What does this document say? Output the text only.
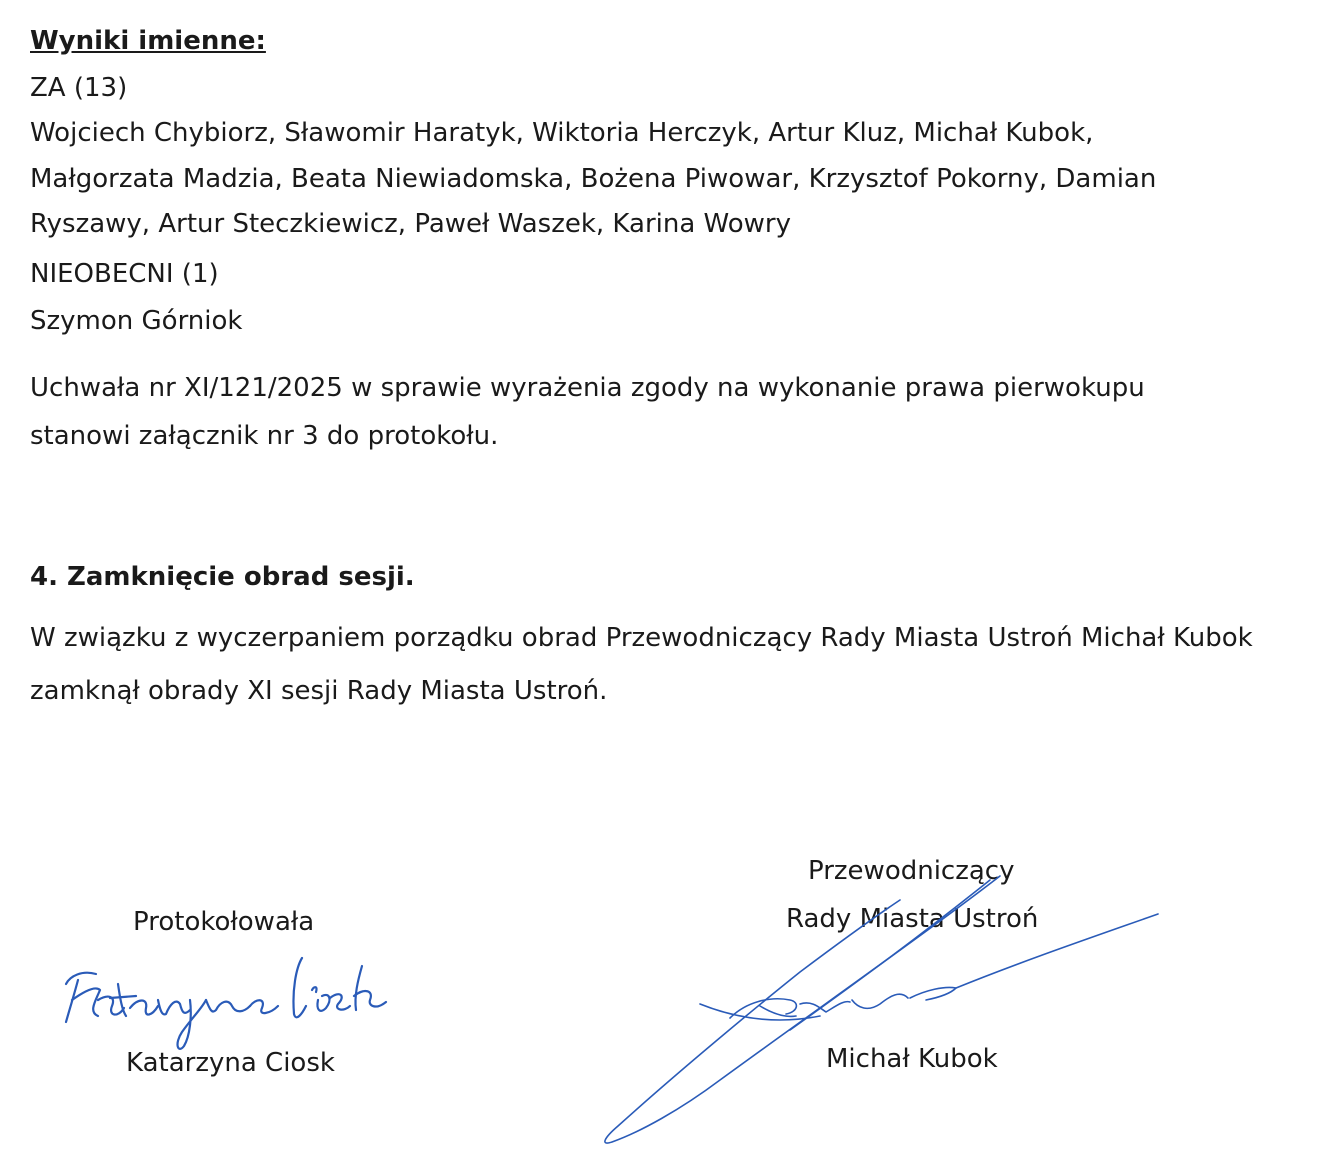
Wyniki imienne:
ZA (13)
Wojciech Chybiorz, Sławomir Haratyk, Wiktoria Herczyk, Artur Kluz, Michał Kubok,
Małgorzata Madzia, Beata Niewiadomska, Bożena Piwowar, Krzysztof Pokorny, Damian
Ryszawy, Artur Steczkiewicz, Paweł Waszek, Karina Wowry
NIEOBECNI (1)
Szymon Górniok
Uchwała nr XI/121/2025 w sprawie wyrażenia zgody na wykonanie prawa pierwokupu
stanowi załącznik nr 3 do protokołu.
4. Zamknięcie obrad sesji.
W związku z wyczerpaniem porządku obrad Przewodniczący Rady Miasta Ustroń Michał Kubok
zamknął obrady XI sesji Rady Miasta Ustroń.
Przewodniczący
Rady Miasta Ustroń
Michał Kubok
Protokołowała
Katarzyna Ciosk
